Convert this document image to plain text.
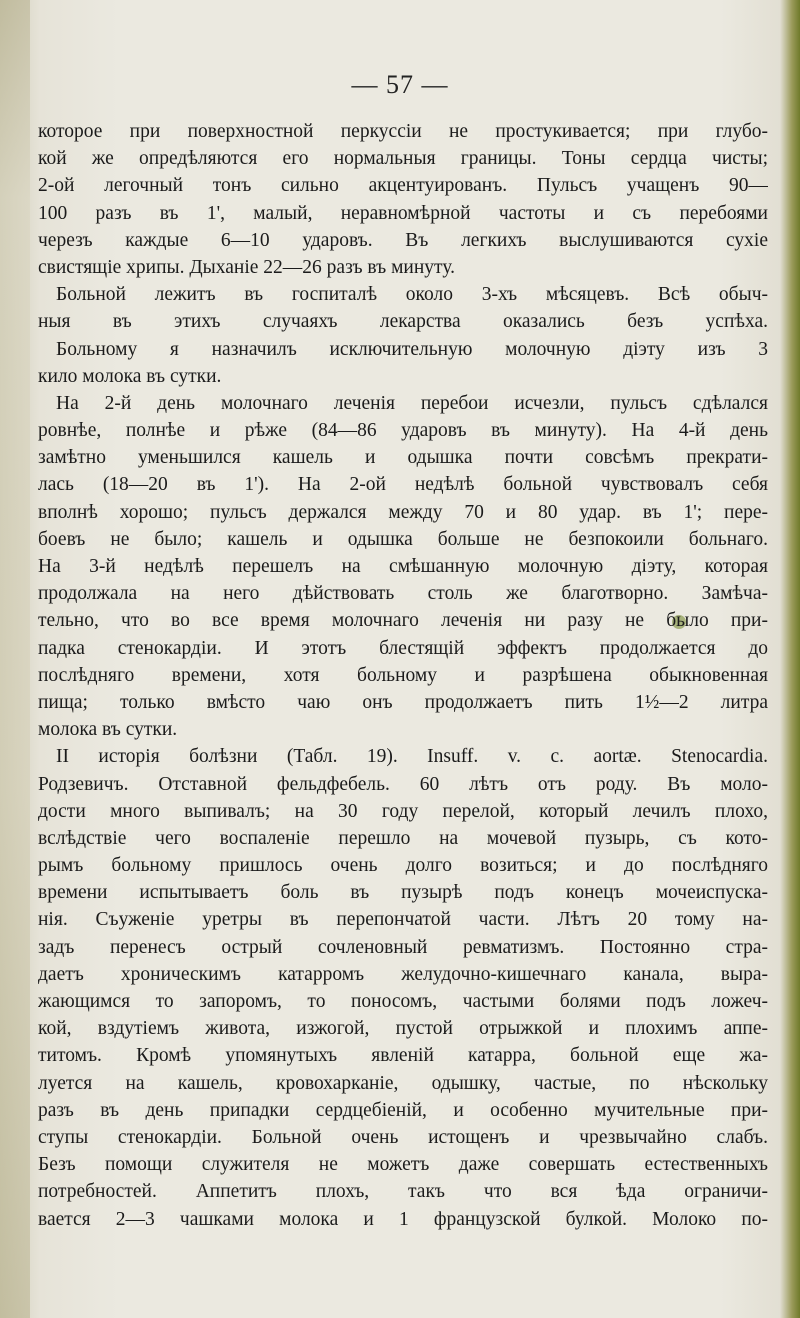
— 57 —
которое при поверхностной перкуссіи не простукивается; при глубо-
кой же опредѣляются его нормальныя границы. Тоны сердца чисты;
2-ой легочный тонъ сильно акцентуированъ. Пульсъ учащенъ 90—
100 разъ въ 1', малый, неравномѣрной частоты и съ перебоями
черезъ каждые 6—10 ударовъ. Въ легкихъ выслушиваются сухіе
свистящіе хрипы. Дыханіе 22—26 разъ въ минуту.
Больной лежитъ въ госпиталѣ около 3-хъ мѣсяцевъ. Всѣ обыч-
ныя въ этихъ случаяхъ лекарства оказались безъ успѣха.
Больному я назначилъ исключительную молочную діэту изъ 3
кило молока въ сутки.
На 2-й день молочнаго леченія перебои исчезли, пульсъ сдѣлался
ровнѣе, полнѣе и рѣже (84—86 ударовъ въ минуту). На 4-й день
замѣтно уменьшился кашель и одышка почти совсѣмъ прекрати-
лась (18—20 въ 1'). На 2-ой недѣлѣ больной чувствовалъ себя
вполнѣ хорошо; пульсъ держался между 70 и 80 удар. въ 1'; пере-
боевъ не было; кашель и одышка больше не безпокоили больнаго.
На 3-й недѣлѣ перешелъ на смѣшанную молочную діэту, которая
продолжала на него дѣйствовать столь же благотворно. Замѣча-
тельно, что во все время молочнаго леченія ни разу не было при-
падка стенокардіи. И этотъ блестящій эффектъ продолжается до
послѣдняго времени, хотя больному и разрѣшена обыкновенная
пища; только вмѣсто чаю онъ продолжаетъ пить 1½—2 литра
молока въ сутки.
II исторія болѣзни (Табл. 19). Insuff. v. c. aortæ. Stenocardia.
Родзевичъ. Отставной фельдфебель. 60 лѣтъ отъ роду. Въ моло-
дости много выпивалъ; на 30 году перелой, который лечилъ плохо,
вслѣдствіе чего воспаленіе перешло на мочевой пузырь, съ кото-
рымъ больному пришлось очень долго возиться; и до послѣдняго
времени испытываетъ боль въ пузырѣ подъ конецъ мочеиспуска-
нія. Съуженіе уретры въ перепончатой части. Лѣтъ 20 тому на-
задъ перенесъ острый сочленовный ревматизмъ. Постоянно стра-
даетъ хроническимъ катарромъ желудочно-кишечнаго канала, выра-
жающимся то запоромъ, то поносомъ, частыми болями подъ ложеч-
кой, вздутіемъ живота, изжогой, пустой отрыжкой и плохимъ аппе-
титомъ. Кромѣ упомянутыхъ явленій катарра, больной еще жа-
луется на кашель, кровохарканіе, одышку, частые, по нѣскольку
разъ въ день припадки сердцебіеній, и особенно мучительные при-
ступы стенокардіи. Больной очень истощенъ и чрезвычайно слабъ.
Безъ помощи служителя не можетъ даже совершать естественныхъ
потребностей. Аппетитъ плохъ, такъ что вся ѣда ограничи-
вается 2—3 чашками молока и 1 французской булкой. Молоко по-
